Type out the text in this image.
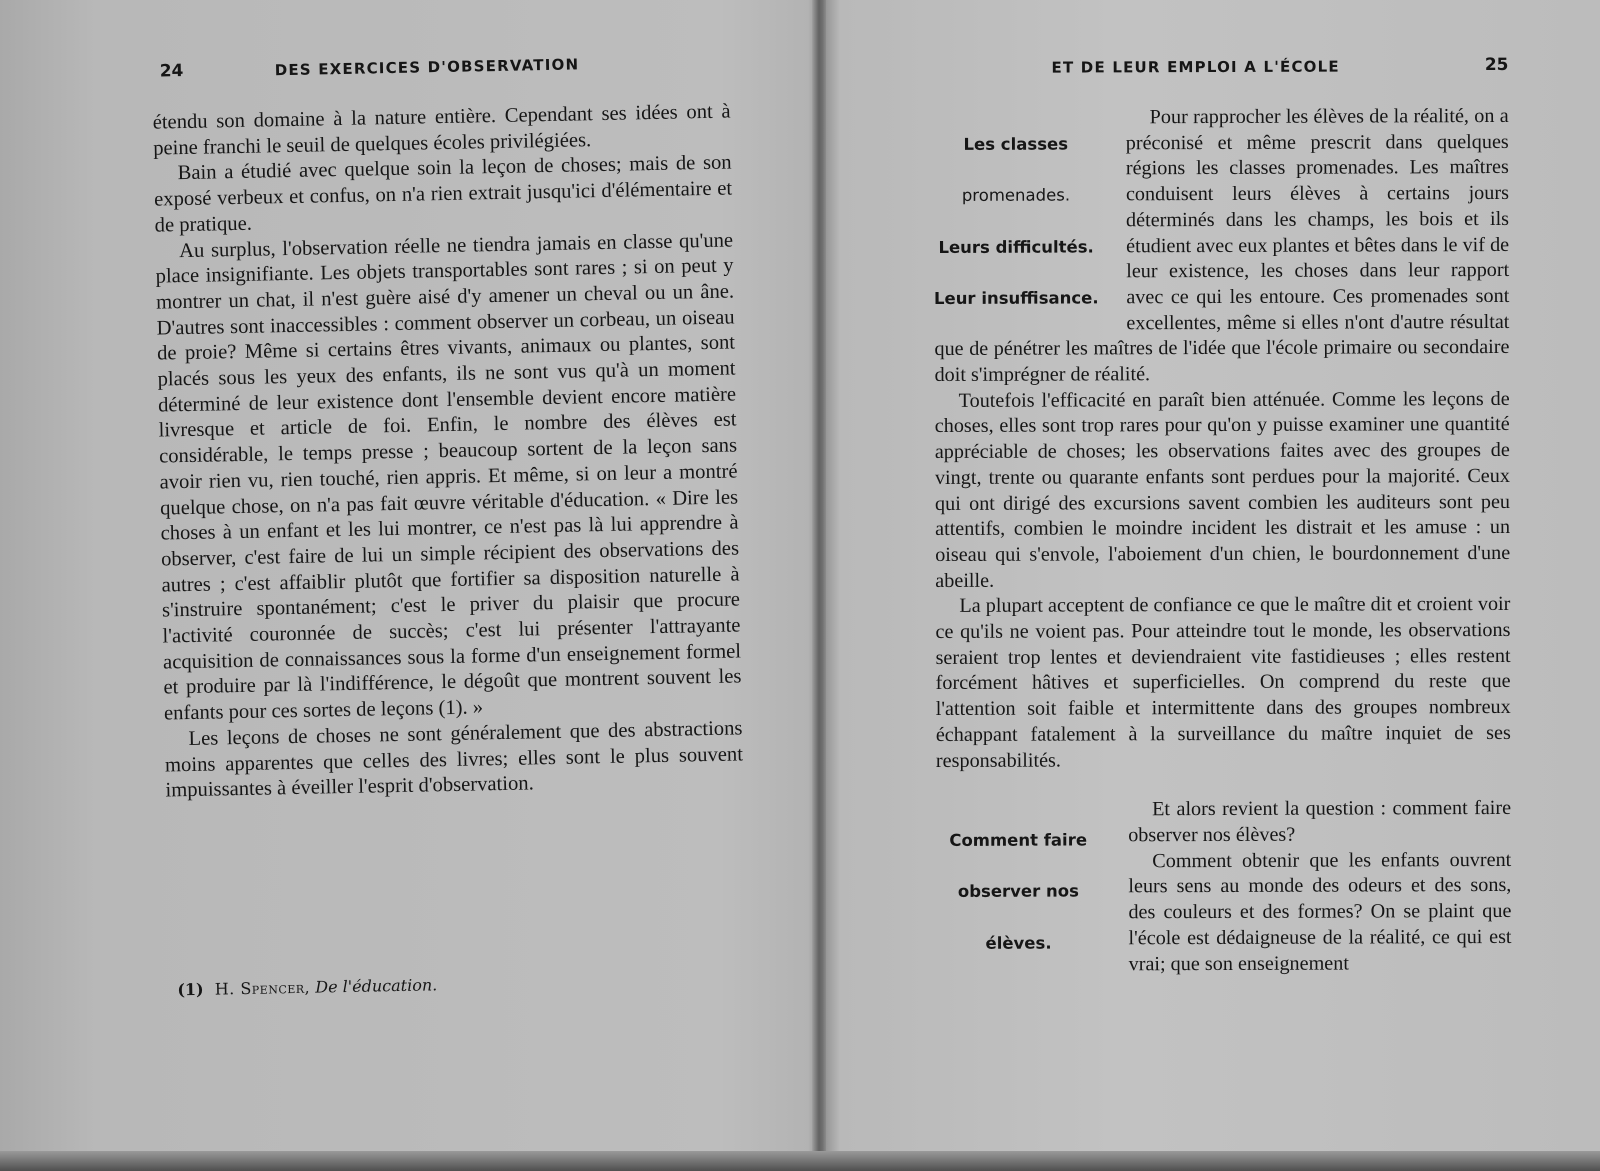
24	DES EXERCICES D'OBSERVATION

étendu son domaine à la nature entière. Cependant ses idées ont à peine franchi le seuil de quelques écoles privilégiées.

Bain a étudié avec quelque soin la leçon de choses; mais de son exposé verbeux et confus, on n'a rien extrait jusqu'ici d'élémentaire et de pratique.

Au surplus, l'observation réelle ne tiendra jamais en classe qu'une place insignifiante. Les objets transportables sont rares ; si on peut y montrer un chat, il n'est guère aisé d'y amener un cheval ou un âne. D'autres sont inaccessibles : comment observer un corbeau, un oiseau de proie? Même si certains êtres vivants, animaux ou plantes, sont placés sous les yeux des enfants, ils ne sont vus qu'à un moment déterminé de leur existence dont l'ensemble devient encore matière livresque et article de foi. Enfin, le nombre des élèves est considérable, le temps presse ; beaucoup sortent de la leçon sans avoir rien vu, rien touché, rien appris. Et même, si on leur a montré quelque chose, on n'a pas fait œuvre véritable d'éducation. « Dire les choses à un enfant et les lui montrer, ce n'est pas là lui apprendre à observer, c'est faire de lui un simple récipient des observations des autres ; c'est affaiblir plutôt que fortifier sa disposition naturelle à s'instruire spontanément; c'est le priver du plaisir que procure l'activité couronnée de succès; c'est lui présenter l'attrayante acquisition de connaissances sous la forme d'un enseignement formel et produire par là l'indifférence, le dégoût que montrent souvent les enfants pour ces sortes de leçons (1). »

Les leçons de choses ne sont généralement que des abstractions moins apparentes que celles des livres; elles sont le plus souvent impuissantes à éveiller l'esprit d'observation.

(1) H. Spencer, De l'éducation.
ET DE LEUR EMPLOI A L'ÉCOLE	25

Les classes

promenades.

Leurs difficultés.

Leur insuffisance.

Pour rapprocher les élèves de la réalité, on a préconisé et même prescrit dans quelques régions les classes promenades. Les maîtres conduisent leurs élèves à certains jours déterminés dans les champs, les bois et ils étudient avec eux plantes et bêtes dans le vif de leur existence, les choses dans leur rapport avec ce qui les entoure. Ces promenades sont excellentes, même si elles n'ont d'autre résultat que de pénétrer les maîtres de l'idée que l'école primaire ou secondaire doit s'imprégner de réalité.

Toutefois l'efficacité en paraît bien atténuée. Comme les leçons de choses, elles sont trop rares pour qu'on y puisse examiner une quantité appréciable de choses; les observations faites avec des groupes de vingt, trente ou quarante enfants sont perdues pour la majorité. Ceux qui ont dirigé des excursions savent combien les auditeurs sont peu attentifs, combien le moindre incident les distrait et les amuse : un oiseau qui s'envole, l'aboiement d'un chien, le bourdonnement d'une abeille.

La plupart acceptent de confiance ce que le maître dit et croient voir ce qu'ils ne voient pas. Pour atteindre tout le monde, les observations seraient trop lentes et deviendraient vite fastidieuses ; elles restent forcément hâtives et superficielles. On comprend du reste que l'attention soit faible et intermittente dans des groupes nombreux échappant fatalement à la surveillance du maître inquiet de ses responsabilités.

Comment faire

observer nos

élèves.

Et alors revient la question : comment faire observer nos élèves?

Comment obtenir que les enfants ouvrent leurs sens au monde des odeurs et des sons, des couleurs et des formes? On se plaint que l'école est dédaigneuse de la réalité, ce qui est vrai; que son enseignement
